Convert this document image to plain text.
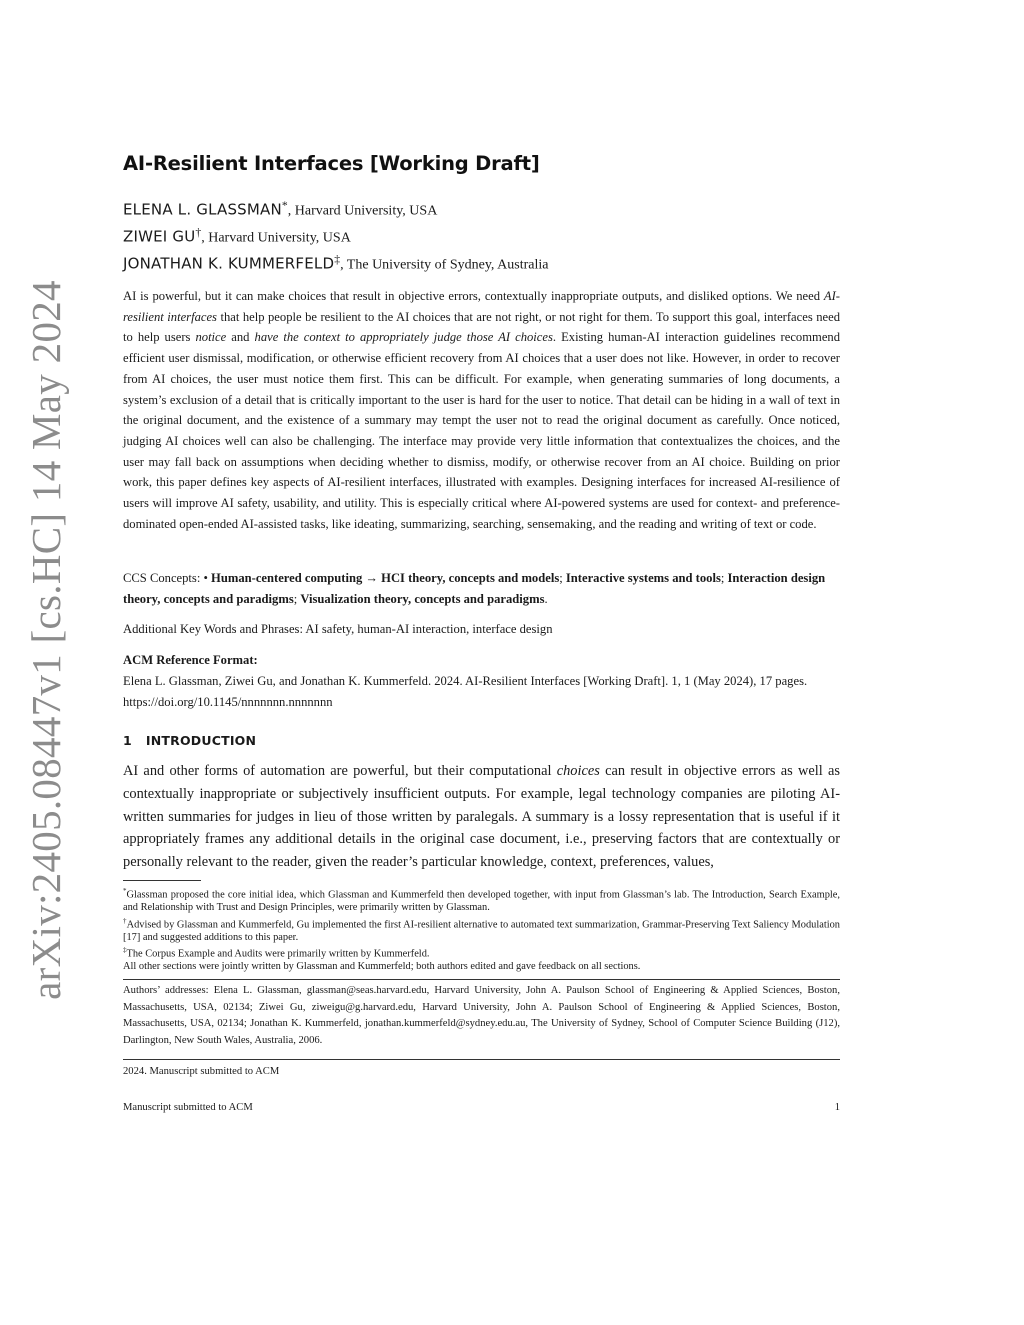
arXiv:2405.08447v1 [cs.HC] 14 May 2024
AI-Resilient Interfaces [Working Draft]
ELENA L. GLASSMAN*, Harvard University, USA
ZIWEI GU†, Harvard University, USA
JONATHAN K. KUMMERFELD‡, The University of Sydney, Australia

AI is powerful, but it can make choices that result in objective errors, contextually inappropriate outputs, and disliked options. We need AI-resilient interfaces that help people be resilient to the AI choices that are not right, or not right for them. To support this goal, interfaces need to help users notice and have the context to appropriately judge those AI choices. Existing human-AI interaction guidelines recommend efficient user dismissal, modification, or otherwise efficient recovery from AI choices that a user does not like. However, in order to recover from AI choices, the user must notice them first. This can be difficult. For example, when generating summaries of long documents, a system’s exclusion of a detail that is critically important to the user is hard for the user to notice. That detail can be hiding in a wall of text in the original document, and the existence of a summary may tempt the user not to read the original document as carefully. Once noticed, judging AI choices well can also be challenging. The interface may provide very little information that contextualizes the choices, and the user may fall back on assumptions when deciding whether to dismiss, modify, or otherwise recover from an AI choice. Building on prior work, this paper defines key aspects of AI-resilient interfaces, illustrated with examples. Designing interfaces for increased AI-resilience of users will improve AI safety, usability, and utility. This is especially critical where AI-powered systems are used for context- and preference-dominated open-ended AI-assisted tasks, like ideating, summarizing, searching, sensemaking, and the reading and writing of text or code.

CCS Concepts: • Human-centered computing → HCI theory, concepts and models; Interactive systems and tools; Interaction design theory, concepts and paradigms; Visualization theory, concepts and paradigms.

Additional Key Words and Phrases: AI safety, human-AI interaction, interface design

ACM Reference Format:

Elena L. Glassman, Ziwei Gu, and Jonathan K. Kummerfeld. 2024. AI-Resilient Interfaces [Working Draft]. 1, 1 (May 2024), 17 pages. https://doi.org/10.1145/nnnnnnn.nnnnnnn

1 INTRODUCTION

AI and other forms of automation are powerful, but their computational choices can result in objective errors as well as contextually inappropriate or subjectively insufficient outputs. For example, legal technology companies are piloting AI-written summaries for judges in lieu of those written by paralegals. A summary is a lossy representation that is useful if it appropriately frames any additional details in the original case document, i.e., preserving factors that are contextually or personally relevant to the reader, given the reader’s particular knowledge, context, preferences, values,

*Glassman proposed the core initial idea, which Glassman and Kummerfeld then developed together, with input from Glassman’s lab. The Introduction, Search Example, and Relationship with Trust and Design Principles, were primarily written by Glassman.

†Advised by Glassman and Kummerfeld, Gu implemented the first AI-resilient alternative to automated text summarization, Grammar-Preserving Text Saliency Modulation [17] and suggested additions to this paper.

‡The Corpus Example and Audits were primarily written by Kummerfeld.

All other sections were jointly written by Glassman and Kummerfeld; both authors edited and gave feedback on all sections.

Authors’ addresses: Elena L. Glassman, glassman@seas.harvard.edu, Harvard University, John A. Paulson School of Engineering & Applied Sciences, Boston, Massachusetts, USA, 02134; Ziwei Gu, ziweigu@g.harvard.edu, Harvard University, John A. Paulson School of Engineering & Applied Sciences, Boston, Massachusetts, USA, 02134; Jonathan K. Kummerfeld, jonathan.kummerfeld@sydney.edu.au, The University of Sydney, School of Computer Science Building (J12), Darlington, New South Wales, Australia, 2006.

2024. Manuscript submitted to ACM

Manuscript submitted to ACM	1
